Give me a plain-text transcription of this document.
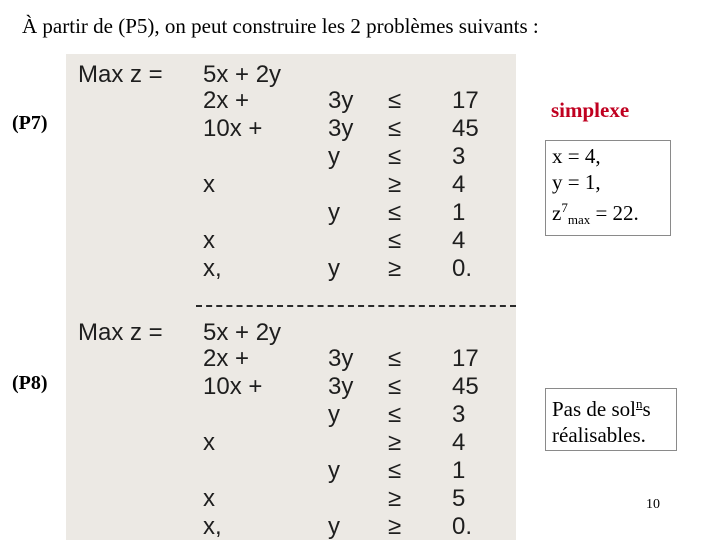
À partir de (P5), on peut construire les 2 problèmes suivants :
(P7)
Max z = 5x + 2y
2x +	3y ≤ 17
10x +	3y ≤ 45
y ≤ 3
x	≥ 4
y ≤ 1
x	≤ 4
x,	y ≥ 0.
(P8)
Max z = 5x + 2y
2x +	3y ≤ 17
10x +	3y ≤ 45
y ≤ 3
x	≥ 4
y ≤ 1
x	≥ 5
x,	y ≥ 0.
simplexe
x = 4,
y = 1,
$z^7_{max} = 22$.
Pas de sol$^n$s
réalisables.
10
